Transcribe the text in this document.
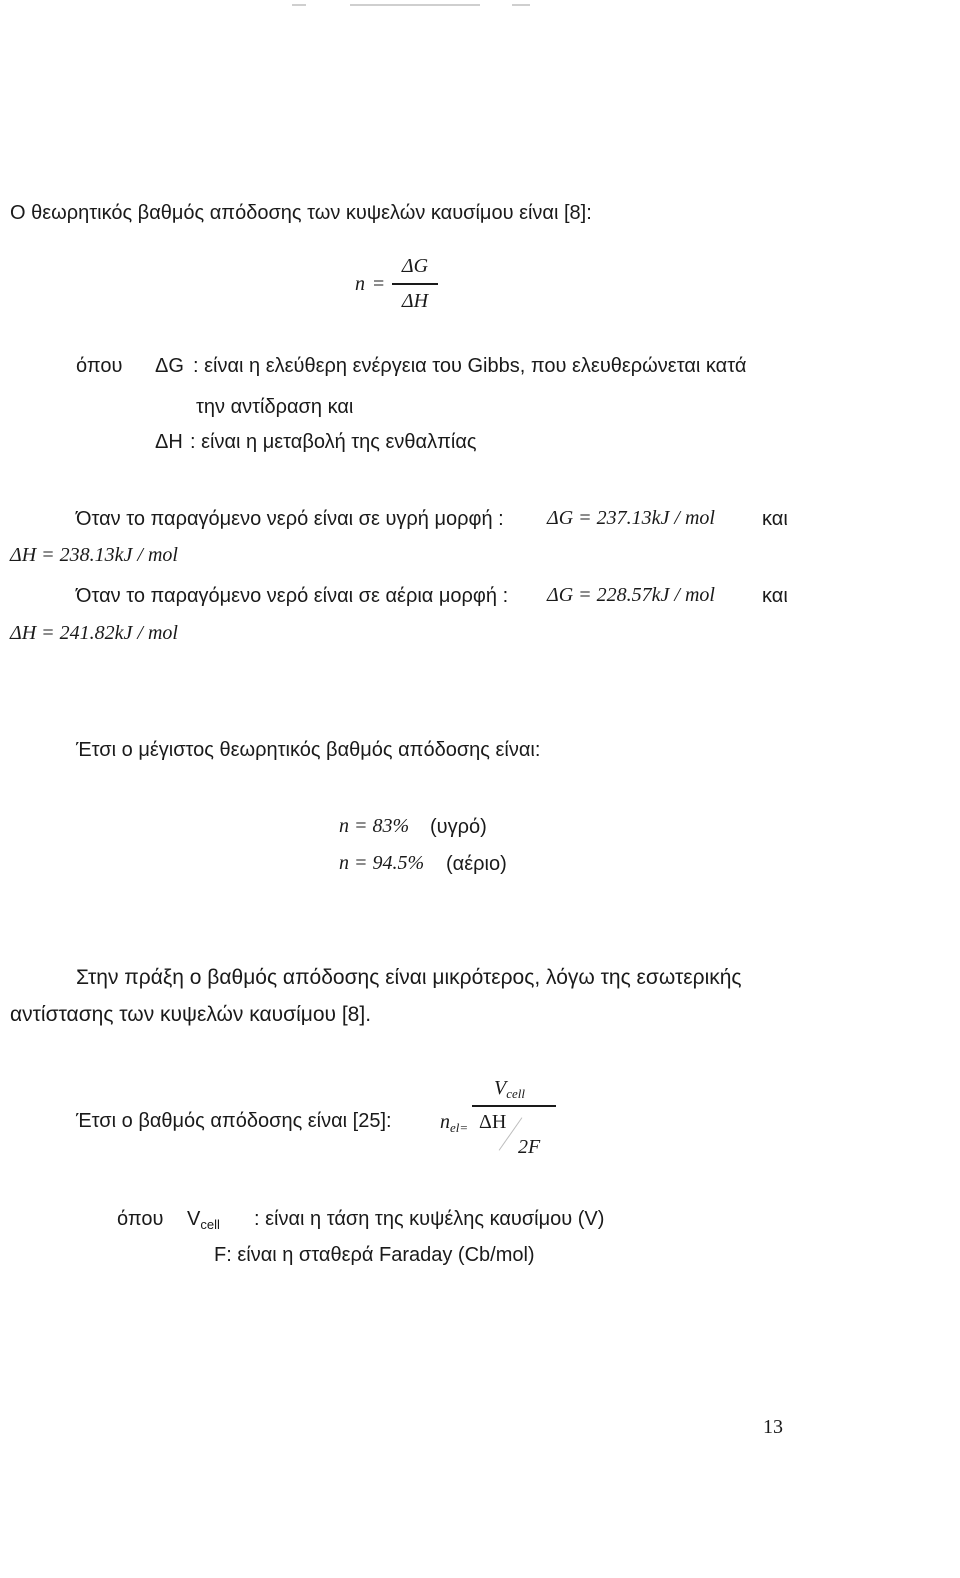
Ο θεωρητικός βαθμός απόδοσης των κυψελών καυσίμου είναι [8]:
n =
ΔG
ΔH
όπου ΔG : είναι η ελεύθερη ενέργεια του Gibbs, που ελευθερώνεται κατά
την αντίδραση και
ΔΗ : είναι η μεταβολή της ενθαλπίας
Όταν το παραγόμενο νερό είναι σε υγρή μορφή : ΔG = 237.13kJ / mol και
ΔH = 238.13kJ / mol
Όταν το παραγόμενο νερό είναι σε αέρια μορφή : ΔG = 228.57kJ / mol και
ΔH = 241.82kJ / mol
Έτσι ο μέγιστος θεωρητικός βαθμός απόδοσης είναι:
n = 83% (υγρό)
n = 94.5% (αέριο)
Στην πράξη ο βαθμός απόδοσης είναι μικρότερος, λόγω της εσωτερικής
αντίστασης των κυψελών καυσίμου [8].
Έτσι ο βαθμός απόδοσης είναι [25]: $n_{el=}$
$V_{cell}$
ΔH
2F
όπου $V_{cell}$ : είναι η τάση της κυψέλης καυσίμου (V)
F: είναι η σταθερά Faraday (Cb/mol)
13
